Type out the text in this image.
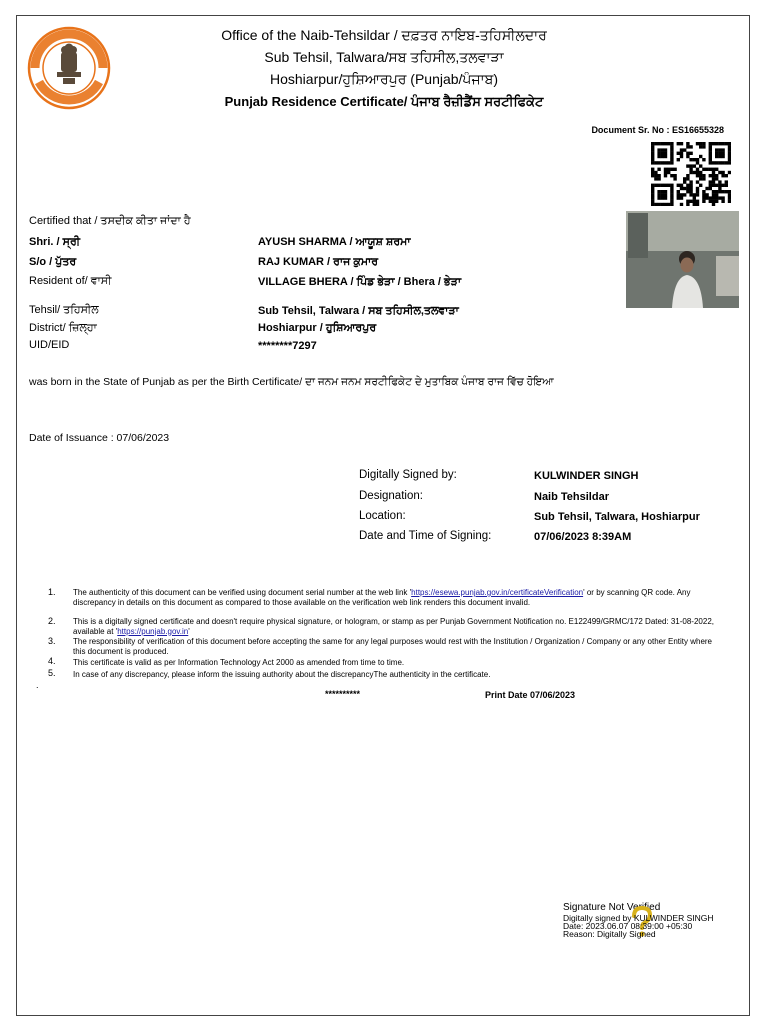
Office of the Naib-Tehsildar / ਦਫ਼ਤਰ ਨਾਇਬ-ਤਹਿਸੀਲਦਾਰ
Sub Tehsil, Talwara/ਸਬ ਤਹਿਸੀਲ,ਤਲਵਾੜਾ
Hoshiarpur/ਹੁਸ਼ਿਆਰਪੁਰ (Punjab/ਪੰਜਾਬ)
Punjab Residence Certificate/ ਪੰਜਾਬ ਰੈਜ਼ੀਡੈਂਸ ਸਰਟੀਫਿਕੇਟ
Document Sr. No : ES16655328
Certified that / ਤਸਦੀਕ ਕੀਤਾ ਜਾਂਦਾ ਹੈ
Shri. / ਸ੍ਰੀ	AYUSH SHARMA / ਆਯੂਸ਼ ਸ਼ਰਮਾ
S/o / ਪੁੱਤਰ	RAJ KUMAR / ਰਾਜ ਕੁਮਾਰ
Resident of/ ਵਾਸੀ	VILLAGE BHERA / ਪਿੰਡ ਭੇੜਾ / Bhera / ਭੇੜਾ
Tehsil/ ਤਹਿਸੀਲ	Sub Tehsil, Talwara / ਸਬ ਤਹਿਸੀਲ,ਤਲਵਾੜਾ
District/ ਜ਼ਿਲ੍ਹਾ	Hoshiarpur / ਹੁਸ਼ਿਆਰਪੁਰ
UID/EID	********7297
was born in the State of Punjab as per the Birth Certificate/ ਦਾ ਜਨਮ ਜਨਮ ਸਰਟੀਫਿਕੇਟ ਦੇ ਮੁਤਾਬਿਕ ਪੰਜਾਬ ਰਾਜ ਵਿੱਚ ਹੋਇਆ
Date of Issuance : 07/06/2023
Digitally Signed by:	KULWINDER SINGH
Designation:	Naib Tehsildar
Location:	Sub Tehsil, Talwara, Hoshiarpur
Date and Time of Signing:	07/06/2023 8:39AM
1. The authenticity of this document can be verified using document serial number at the web link 'https://esewa.punjab.gov.in/certificateVerification' or by scanning QR code. Any discrepancy in details on this document as compared to those available on the verification web link renders this document invalid.
2. This is a digitally signed certificate and doesn't require physical signature, or hologram, or stamp as per Punjab Government Notification no. E122499/GRMC/172 Dated: 31-08-2022, available at 'https://punjab.gov.in'
3. The responsibility of verification of this document before accepting the same for any legal purposes would rest with the Institution / Organization / Company or any other Entity where this document is produced.
4. This certificate is valid as per Information Technology Act 2000 as amended from time to time.
5. In case of any discrepancy, please inform the issuing authority about the discrepancyThe authenticity in the certificate.
.
**********	Print Date 07/06/2023
Signature Not Verified
Digitally signed by KULWINDER SINGH
Date: 2023.06.07 08:39:00 +05:30
Reason: Digitally Signed
